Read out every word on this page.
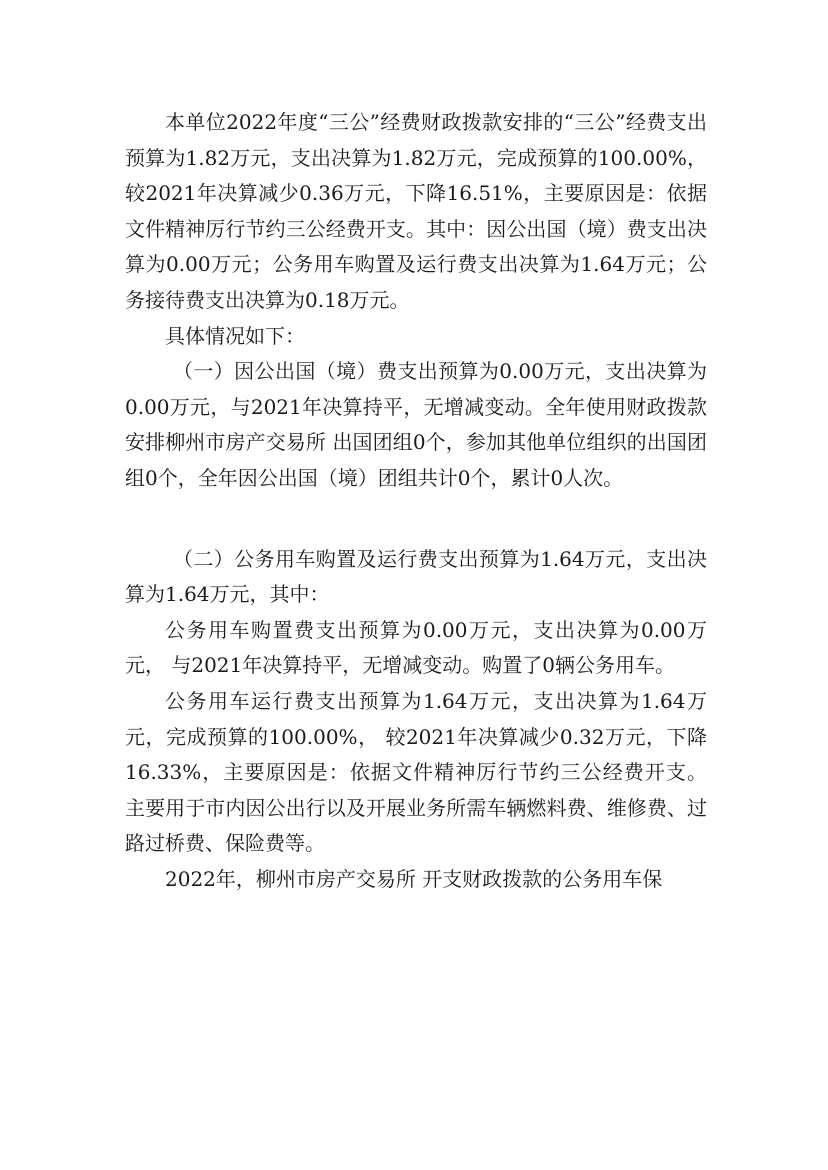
本单位2022年度“三公”经费财政拨款安排的“三公”经费支出预算为1.82万元，支出决算为1.82万元，完成预算的100.00%， 较2021年决算减少0.36万元，下降16.51%，主要原因是：依据文件精神厉行节约三公经费开支。其中：因公出国（境）费支出决算为0.00万元；公务用车购置及运行费支出决算为1.64万元；公务接待费支出决算为0.18万元。

具体情况如下：

（一）因公出国（境）费支出预算为0.00万元，支出决算为0.00万元，与2021年决算持平，无增减变动。全年使用财政拨款安排柳州市房产交易所 出国团组0个，参加其他单位组织的出国团组0个，全年因公出国（境）团组共计0个，累计0人次。

（二）公务用车购置及运行费支出预算为1.64万元，支出决算为1.64万元，其中：

公务用车购置费支出预算为0.00万元，支出决算为0.00万元， 与2021年决算持平，无增减变动。购置了0辆公务用车。

公务用车运行费支出预算为1.64万元，支出决算为1.64万元，完成预算的100.00%， 较2021年决算减少0.32万元，下降16.33%，主要原因是：依据文件精神厉行节约三公经费开支。 主要用于市内因公出行以及开展业务所需车辆燃料费、维修费、过路过桥费、保险费等。

2022年，柳州市房产交易所 开支财政拨款的公务用车保
